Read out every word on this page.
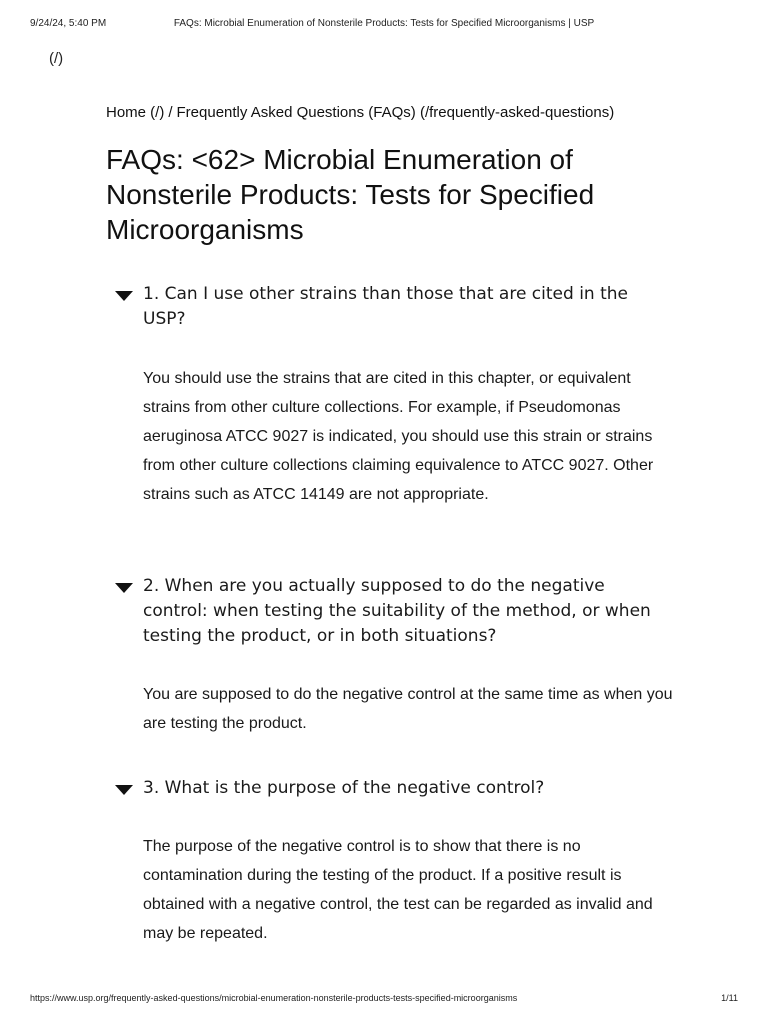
9/24/24, 5:40 PM	FAQs: Microbial Enumeration of Nonsterile Products: Tests for Specified Microorganisms | USP
(/)
Home (/) / Frequently Asked Questions (FAQs) (/frequently-asked-questions)
FAQs: <62> Microbial Enumeration of Nonsterile Products: Tests for Specified Microorganisms
1. Can I use other strains than those that are cited in the USP?

You should use the strains that are cited in this chapter, or equivalent strains from other culture collections. For example, if Pseudomonas aeruginosa ATCC 9027 is indicated, you should use this strain or strains from other culture collections claiming equivalence to ATCC 9027. Other strains such as ATCC 14149 are not appropriate.

2. When are you actually supposed to do the negative control: when testing the suitability of the method, or when testing the product, or in both situations?

You are supposed to do the negative control at the same time as when you are testing the product.

3. What is the purpose of the negative control?

The purpose of the negative control is to show that there is no contamination during the testing of the product. If a positive result is obtained with a negative control, the test can be regarded as invalid and may be repeated.

https://www.usp.org/frequently-asked-questions/microbial-enumeration-nonsterile-products-tests-specified-microorganisms	1/11
